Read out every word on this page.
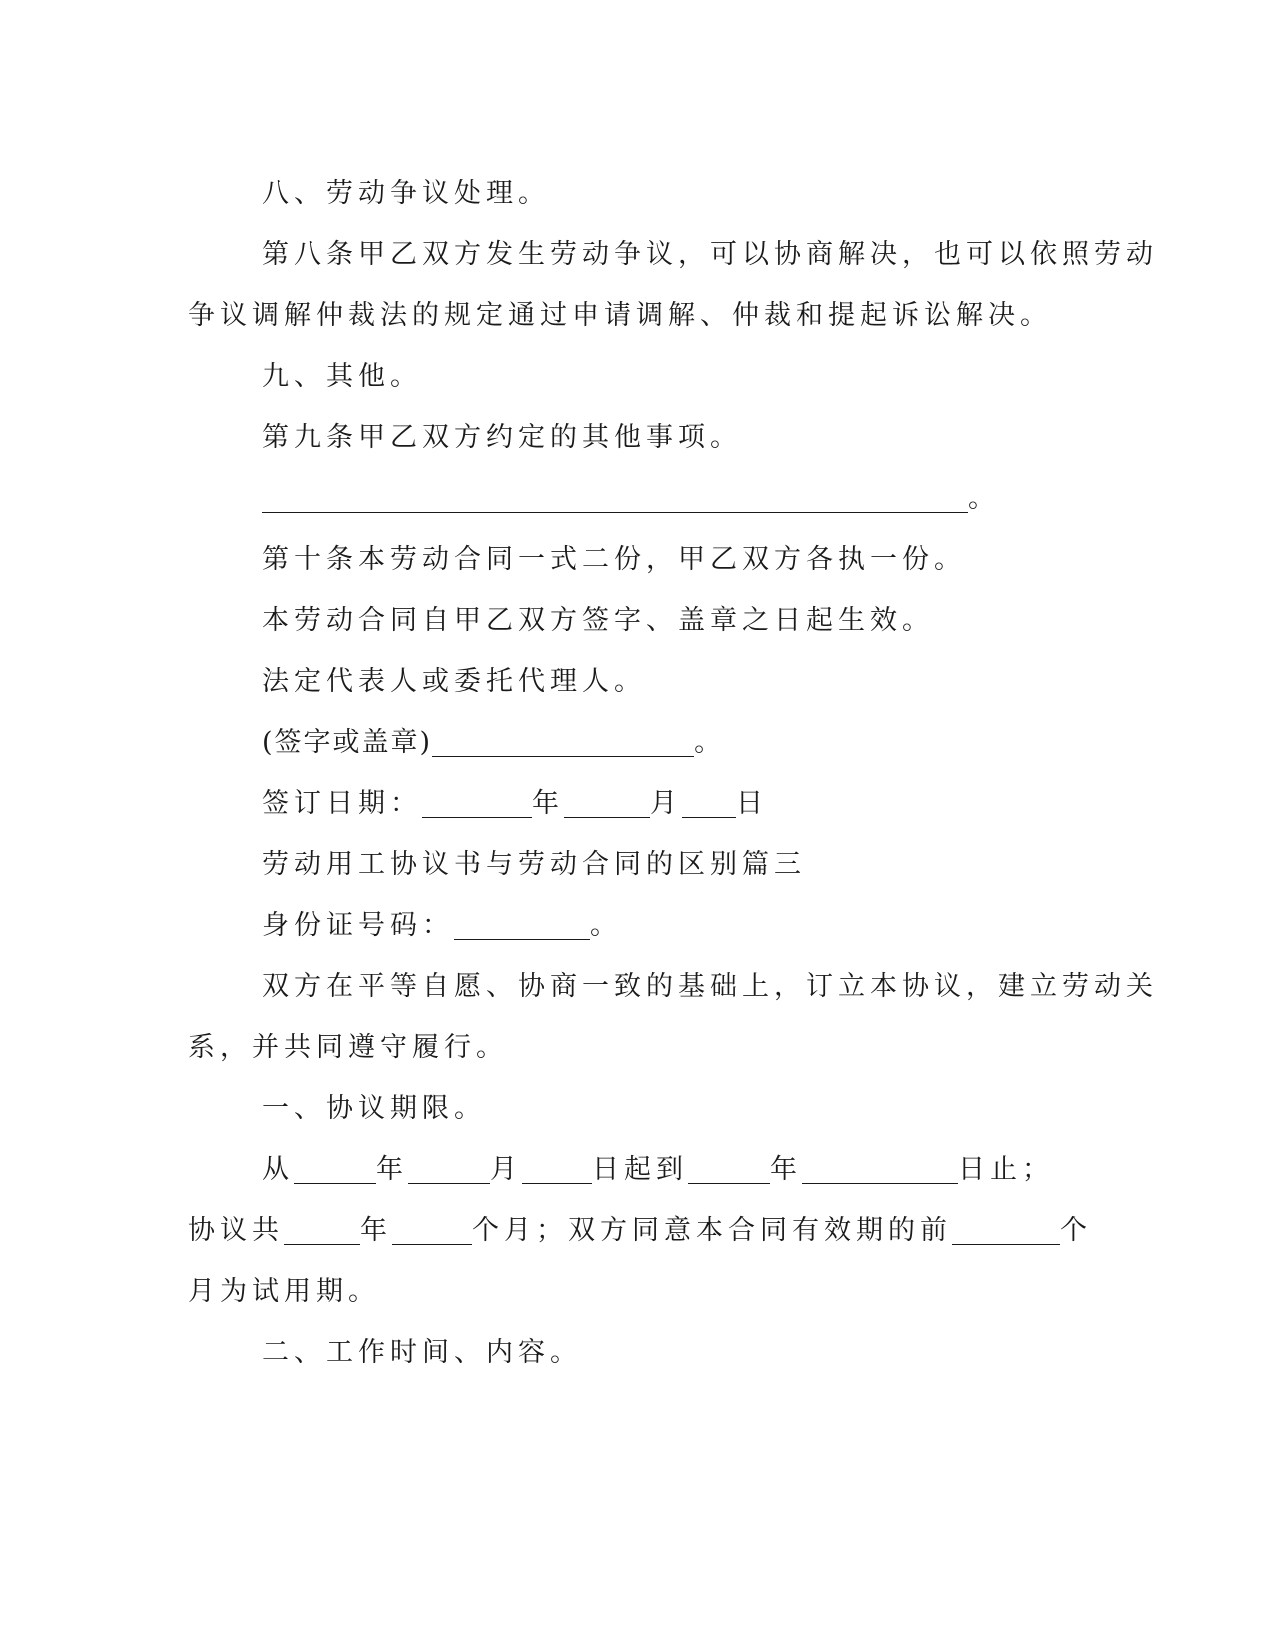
八、劳动争议处理。
第八条甲乙双方发生劳动争议，可以协商解决，也可以依照劳动
争议调解仲裁法的规定通过申请调解、仲裁和提起诉讼解决。
九、其他。
第九条甲乙双方约定的其他事项。
。
第十条本劳动合同一式二份，甲乙双方各执一份。
本劳动合同自甲乙双方签字、盖章之日起生效。
法定代表人或委托代理人。
(签字或盖章)	。
签订日期：	年	月 日
劳动用工协议书与劳动合同的区别篇三
身份证号码：	。
双方在平等自愿、协商一致的基础上，订立本协议，建立劳动关
系，并共同遵守履行。
一、协议期限。
从	年	月	日起到	年	日止；
协议共	年	个月；双方同意本合同有效期的前	个
月为试用期。
二、工作时间、内容。
